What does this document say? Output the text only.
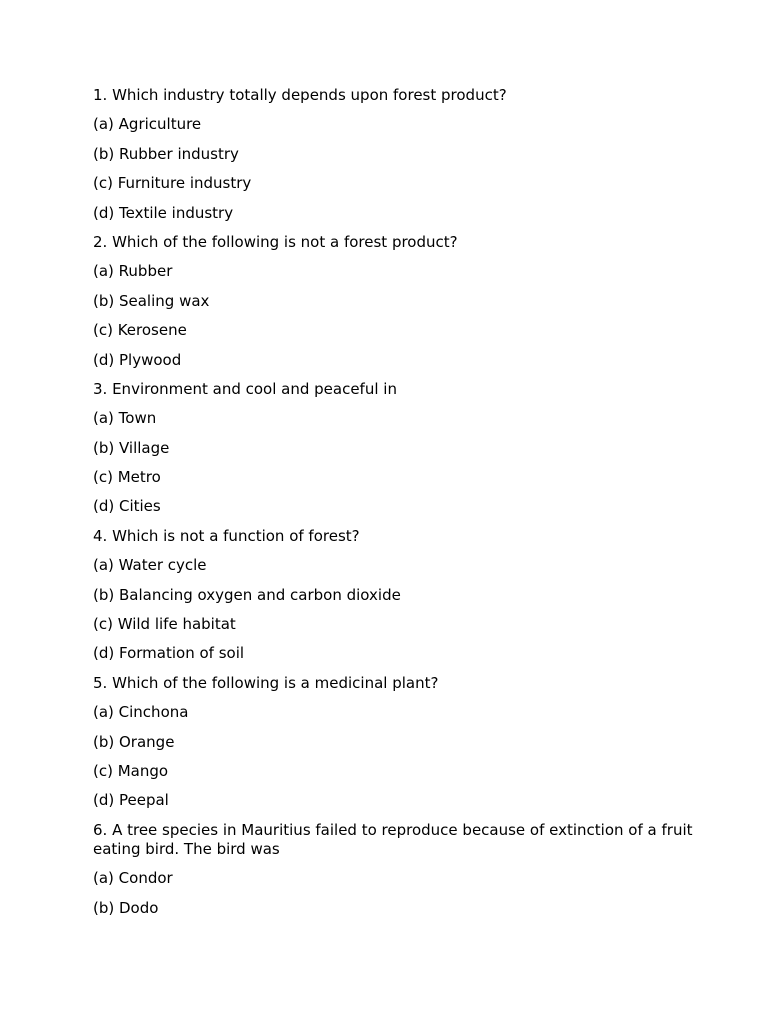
1. Which industry totally depends upon forest product?
(a) Agriculture
(b) Rubber industry
(c) Furniture industry
(d) Textile industry
2. Which of the following is not a forest product?
(a) Rubber
(b) Sealing wax
(c) Kerosene
(d) Plywood
3. Environment and cool and peaceful in
(a) Town
(b) Village
(c) Metro
(d) Cities
4. Which is not a function of forest?
(a) Water cycle
(b) Balancing oxygen and carbon dioxide
(c) Wild life habitat
(d) Formation of soil
5. Which of the following is a medicinal plant?
(a) Cinchona
(b) Orange
(c) Mango
(d) Peepal
6. A tree species in Mauritius failed to reproduce because of extinction of a fruit eating bird. The bird was
(a) Condor
(b) Dodo
